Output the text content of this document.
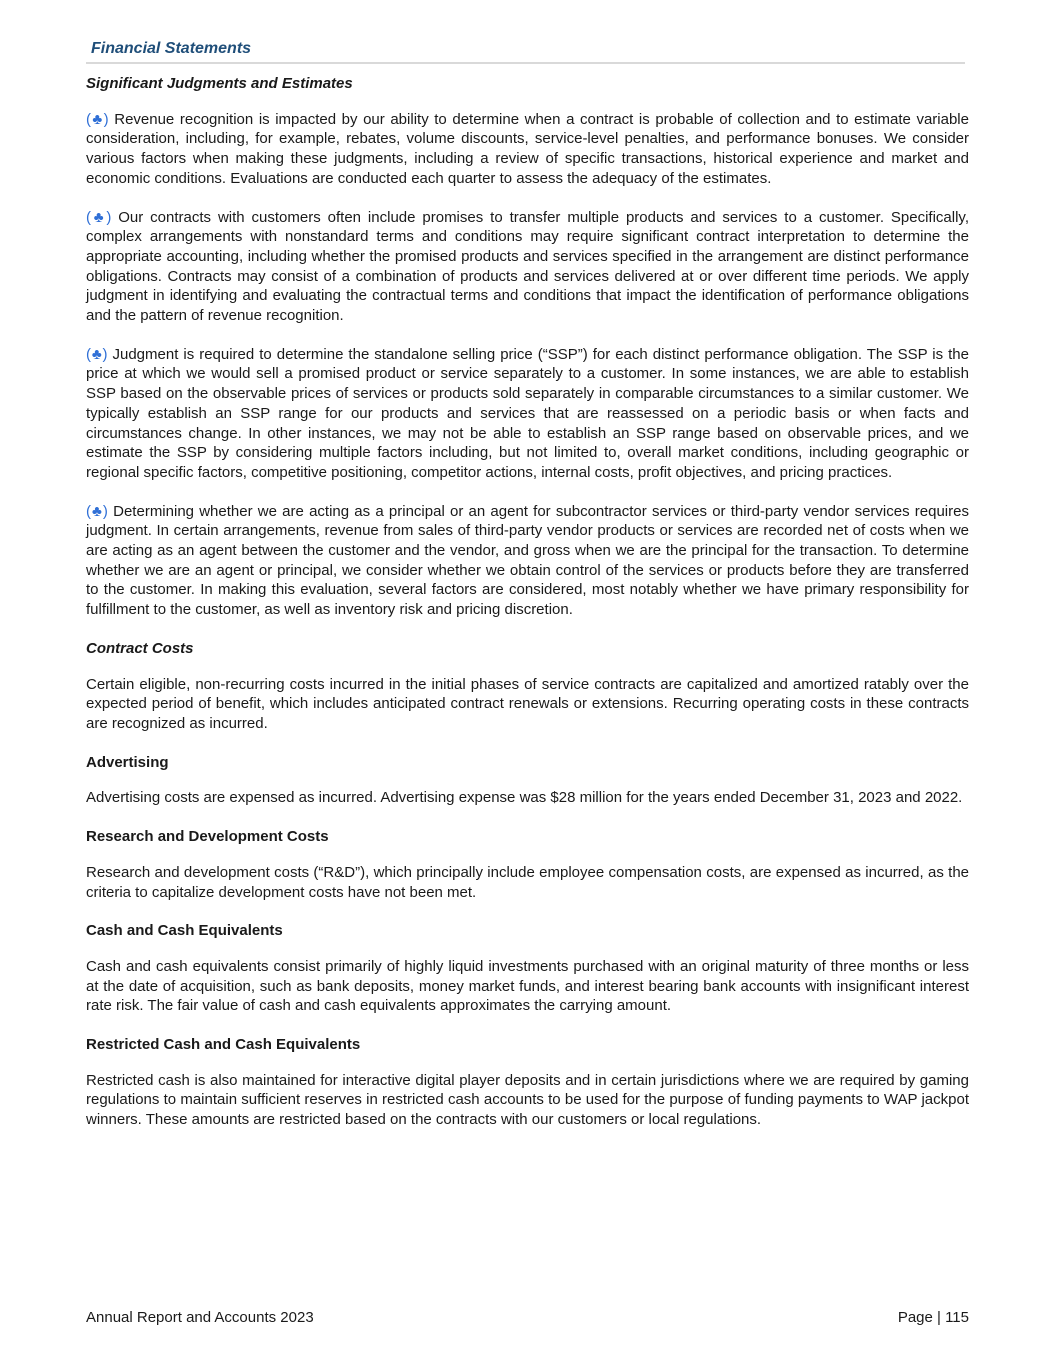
Financial Statements

Significant Judgments and Estimates

(♣) Revenue recognition is impacted by our ability to determine when a contract is probable of collection and to estimate variable consideration, including, for example, rebates, volume discounts, service-level penalties, and performance bonuses. We consider various factors when making these judgments, including a review of specific transactions, historical experience and market and economic conditions. Evaluations are conducted each quarter to assess the adequacy of the estimates.

(♣) Our contracts with customers often include promises to transfer multiple products and services to a customer. Specifically, complex arrangements with nonstandard terms and conditions may require significant contract interpretation to determine the appropriate accounting, including whether the promised products and services specified in the arrangement are distinct performance obligations. Contracts may consist of a combination of products and services delivered at or over different time periods. We apply judgment in identifying and evaluating the contractual terms and conditions that impact the identification of performance obligations and the pattern of revenue recognition.

(♣) Judgment is required to determine the standalone selling price (“SSP”) for each distinct performance obligation. The SSP is the price at which we would sell a promised product or service separately to a customer. In some instances, we are able to establish SSP based on the observable prices of services or products sold separately in comparable circumstances to a similar customer. We typically establish an SSP range for our products and services that are reassessed on a periodic basis or when facts and circumstances change. In other instances, we may not be able to establish an SSP range based on observable prices, and we estimate the SSP by considering multiple factors including, but not limited to, overall market conditions, including geographic or regional specific factors, competitive positioning, competitor actions, internal costs, profit objectives, and pricing practices.

(♣) Determining whether we are acting as a principal or an agent for subcontractor services or third-party vendor services requires judgment. In certain arrangements, revenue from sales of third-party vendor products or services are recorded net of costs when we are acting as an agent between the customer and the vendor, and gross when we are the principal for the transaction. To determine whether we are an agent or principal, we consider whether we obtain control of the services or products before they are transferred to the customer. In making this evaluation, several factors are considered, most notably whether we have primary responsibility for fulfillment to the customer, as well as inventory risk and pricing discretion.

Contract Costs

Certain eligible, non-recurring costs incurred in the initial phases of service contracts are capitalized and amortized ratably over the expected period of benefit, which includes anticipated contract renewals or extensions. Recurring operating costs in these contracts are recognized as incurred.

Advertising

Advertising costs are expensed as incurred. Advertising expense was $28 million for the years ended December 31, 2023 and 2022.

Research and Development Costs

Research and development costs (“R&D”), which principally include employee compensation costs, are expensed as incurred, as the criteria to capitalize development costs have not been met.

Cash and Cash Equivalents

Cash and cash equivalents consist primarily of highly liquid investments purchased with an original maturity of three months or less at the date of acquisition, such as bank deposits, money market funds, and interest bearing bank accounts with insignificant interest rate risk. The fair value of cash and cash equivalents approximates the carrying amount.

Restricted Cash and Cash Equivalents

Restricted cash is also maintained for interactive digital player deposits and in certain jurisdictions where we are required by gaming regulations to maintain sufficient reserves in restricted cash accounts to be used for the purpose of funding payments to WAP jackpot winners. These amounts are restricted based on the contracts with our customers or local regulations.

Annual Report and Accounts 2023	Page | 115
